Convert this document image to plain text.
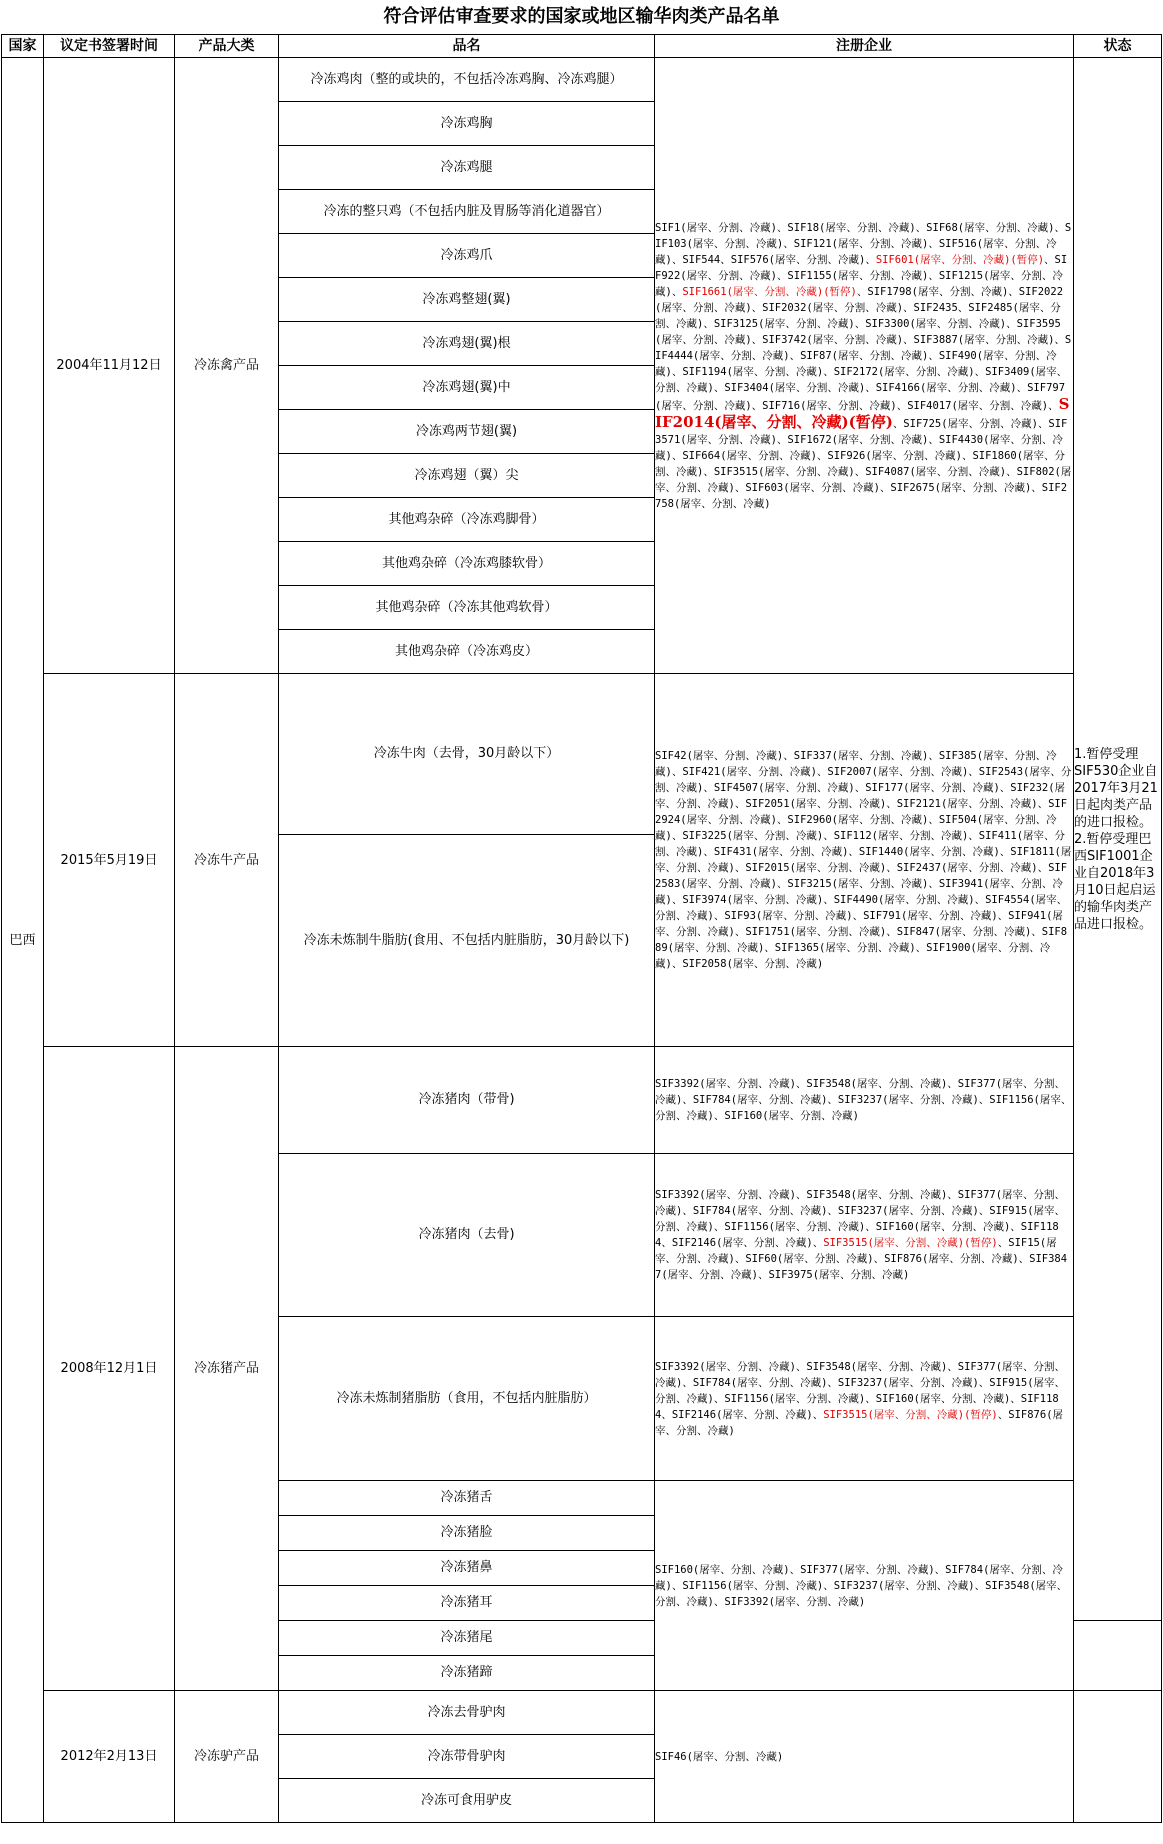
符合评估审查要求的国家或地区输华肉类产品名单
国家	议定书签署时间	产品大类	品名	注册企业	状态	
巴西	2004年11月12日	冷冻禽产品	冷冻鸡肉（整的或块的，不包括冷冻鸡胸、冷冻鸡腿）	SIF1(屠宰、分割、冷藏)、SIF18(屠宰、分割、冷藏)、SIF68(屠宰、分割、冷藏)、SIF103(屠宰、分割、冷藏)、SIF121(屠宰、分割、冷藏)、SIF516(屠宰、分割、冷藏)、SIF544、SIF576(屠宰、分割、冷藏)、SIF601(屠宰、分割、冷藏)(暂停)、SIF922(屠宰、分割、冷藏)、SIF1155(屠宰、分割、冷藏)、SIF1215(屠宰、分割、冷藏)、SIF1661(屠宰、分割、冷藏)(暂停)、SIF1798(屠宰、分割、冷藏)、SIF2022(屠宰、分割、冷藏)、SIF2032(屠宰、分割、冷藏)、SIF2435、SIF2485(屠宰、分割、冷藏)、SIF3125(屠宰、分割、冷藏)、SIF3300(屠宰、分割、冷藏)、SIF3595(屠宰、分割、冷藏)、SIF3742(屠宰、分割、冷藏)、SIF3887(屠宰、分割、冷藏)、SIF4444(屠宰、分割、冷藏)、SIF87(屠宰、分割、冷藏)、SIF490(屠宰、分割、冷藏)、SIF1194(屠宰、分割、冷藏)、SIF2172(屠宰、分割、冷藏)、SIF3409(屠宰、分割、冷藏)、SIF3404(屠宰、分割、冷藏)、SIF4166(屠宰、分割、冷藏)、SIF797(屠宰、分割、冷藏)、SIF716(屠宰、分割、冷藏)、SIF4017(屠宰、分割、冷藏)、SIF2014(屠宰、分割、冷藏)(暂停)、SIF725(屠宰、分割、冷藏)、SIF3571(屠宰、分割、冷藏)、SIF1672(屠宰、分割、冷藏)、SIF4430(屠宰、分割、冷藏)、SIF664(屠宰、分割、冷藏)、SIF926(屠宰、分割、冷藏)、SIF1860(屠宰、分割、冷藏)、SIF3515(屠宰、分割、冷藏)、SIF4087(屠宰、分割、冷藏)、SIF802(屠宰、分割、冷藏)、SIF603(屠宰、分割、冷藏)、SIF2675(屠宰、分割、冷藏)、SIF2758(屠宰、分割、冷藏)	1.暂停受理SIF530企业自2017年3月21日起肉类产品的进口报检。2.暂停受理巴西SIF1001企业自2018年3月10日起启运的输华肉类产品进口报检。	
			冷冻鸡胸			
			冷冻鸡腿			
			冷冻的整只鸡（不包括内脏及胃肠等消化道器官）			
			冷冻鸡爪			
			冷冻鸡整翅(翼)			
			冷冻鸡翅(翼)根			
			冷冻鸡翅(翼)中			
			冷冻鸡两节翅(翼)			
			冷冻鸡翅（翼）尖			
			其他鸡杂碎（冷冻鸡脚骨）			
			其他鸡杂碎（冷冻鸡膝软骨）			
			其他鸡杂碎（冷冻其他鸡软骨）			
			其他鸡杂碎（冷冻鸡皮）			
	2015年5月19日	冷冻牛产品	冷冻牛肉（去骨，30月龄以下）	SIF42(屠宰、分割、冷藏)、SIF337(屠宰、分割、冷藏)、SIF385(屠宰、分割、冷藏)、SIF421(屠宰、分割、冷藏)、SIF2007(屠宰、分割、冷藏)、SIF2543(屠宰、分割、冷藏)、SIF4507(屠宰、分割、冷藏)、SIF177(屠宰、分割、冷藏)、SIF232(屠宰、分割、冷藏)、SIF2051(屠宰、分割、冷藏)、SIF2121(屠宰、分割、冷藏)、SIF2924(屠宰、分割、冷藏)、SIF2960(屠宰、分割、冷藏)、SIF504(屠宰、分割、冷藏)、SIF3225(屠宰、分割、冷藏)、SIF112(屠宰、分割、冷藏)、SIF411(屠宰、分割、冷藏)、SIF431(屠宰、分割、冷藏)、SIF1440(屠宰、分割、冷藏)、SIF1811(屠宰、分割、冷藏)、SIF2015(屠宰、分割、冷藏)、SIF2437(屠宰、分割、冷藏)、SIF2583(屠宰、分割、冷藏)、SIF3215(屠宰、分割、冷藏)、SIF3941(屠宰、分割、冷藏)、SIF3974(屠宰、分割、冷藏)、SIF4490(屠宰、分割、冷藏)、SIF4554(屠宰、分割、冷藏)、SIF93(屠宰、分割、冷藏)、SIF791(屠宰、分割、冷藏)、SIF941(屠宰、分割、冷藏)、SIF1751(屠宰、分割、冷藏)、SIF847(屠宰、分割、冷藏)、SIF889(屠宰、分割、冷藏)、SIF1365(屠宰、分割、冷藏)、SIF1900(屠宰、分割、冷藏)、SIF2058(屠宰、分割、冷藏)		
			冷冻未炼制牛脂肪(食用、不包括内脏脂肪，30月龄以下)			
	2008年12月1日	冷冻猪产品	冷冻猪肉（带骨)	SIF3392(屠宰、分割、冷藏)、SIF3548(屠宰、分割、冷藏)、SIF377(屠宰、分割、冷藏)、SIF784(屠宰、分割、冷藏)、SIF3237(屠宰、分割、冷藏)、SIF1156(屠宰、分割、冷藏)、SIF160(屠宰、分割、冷藏)		
			冷冻猪肉（去骨)	SIF3392(屠宰、分割、冷藏)、SIF3548(屠宰、分割、冷藏)、SIF377(屠宰、分割、冷藏)、SIF784(屠宰、分割、冷藏)、SIF3237(屠宰、分割、冷藏)、SIF915(屠宰、分割、冷藏)、SIF1156(屠宰、分割、冷藏)、SIF160(屠宰、分割、冷藏)、SIF1184、SIF2146(屠宰、分割、冷藏)、SIF3515(屠宰、分割、冷藏)(暂停)、SIF15(屠宰、分割、冷藏)、SIF60(屠宰、分割、冷藏)、SIF876(屠宰、分割、冷藏)、SIF3847(屠宰、分割、冷藏)、SIF3975(屠宰、分割、冷藏)		
			冷冻未炼制猪脂肪（食用，不包括内脏脂肪）	SIF3392(屠宰、分割、冷藏)、SIF3548(屠宰、分割、冷藏)、SIF377(屠宰、分割、冷藏)、SIF784(屠宰、分割、冷藏)、SIF3237(屠宰、分割、冷藏)、SIF915(屠宰、分割、冷藏)、SIF1156(屠宰、分割、冷藏)、SIF160(屠宰、分割、冷藏)、SIF1184、SIF2146(屠宰、分割、冷藏)、SIF3515(屠宰、分割、冷藏)(暂停)、SIF876(屠宰、分割、冷藏)		
			冷冻猪舌	SIF160(屠宰、分割、冷藏)、SIF377(屠宰、分割、冷藏)、SIF784(屠宰、分割、冷藏)、SIF1156(屠宰、分割、冷藏)、SIF3237(屠宰、分割、冷藏)、SIF3548(屠宰、分割、冷藏)、SIF3392(屠宰、分割、冷藏)	
			冷冻猪脸			
			冷冻猪鼻			
			冷冻猪耳			
			冷冻猪尾			
			冷冻猪蹄			
	2012年2月13日	冷冻驴产品	冷冻去骨驴肉	SIF46(屠宰、分割、冷藏)		
			冷冻带骨驴肉			
			冷冻可食用驴皮			
